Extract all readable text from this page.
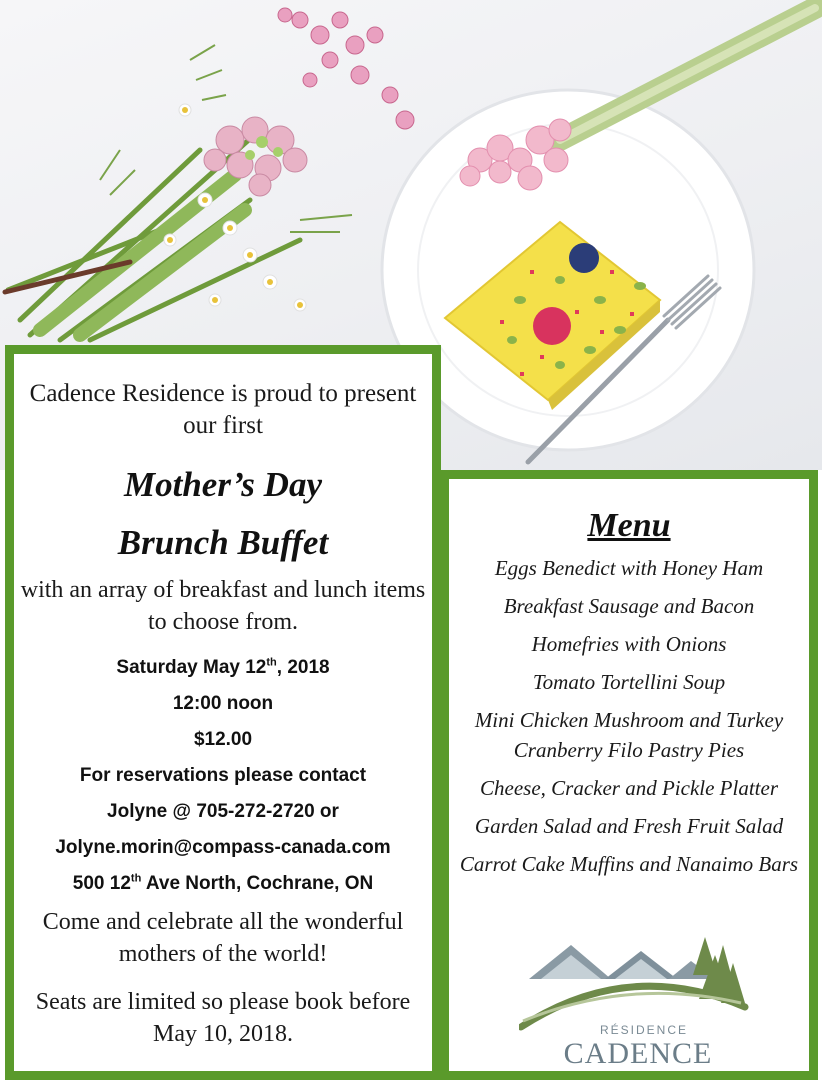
Cadence Residence is proud to present our first
Mother’s Day
Brunch Buffet
with an array of breakfast and lunch items to choose from.
Saturday May 12th, 2018
12:00 noon
$12.00
For reservations please contact
Jolyne @ 705-272-2720 or
Jolyne.morin@compass-canada.com
500 12th Ave North, Cochrane, ON
Come and celebrate all the wonderful mothers of the world!
Seats are limited so please book before May 10, 2018.
Menu
Eggs Benedict with Honey Ham
Breakfast Sausage and Bacon
Homefries with Onions
Tomato Tortellini Soup
Mini Chicken Mushroom and Turkey Cranberry Filo Pastry Pies
Cheese, Cracker and Pickle Platter
Garden Salad and Fresh Fruit Salad
Carrot Cake Muffins and Nanaimo Bars
RÉSIDENCE
CADENCE
